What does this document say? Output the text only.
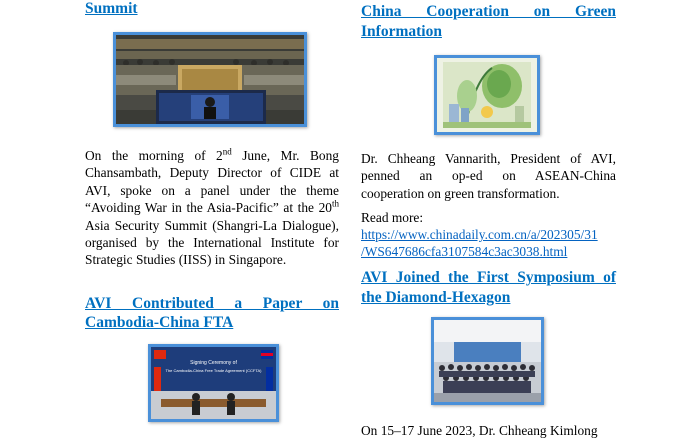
Summit

On the morning of 2nd June, Mr. Bong Chansambath, Deputy Director of CIDE at AVI, spoke on a panel under the theme “Avoiding War in the Asia-Pacific” at the 20th Asia Security Summit (Shangri-La Dialogue), organised by the International Institute for Strategic Studies (IISS) in Singapore.

AVI Contributed a Paper on
Cambodia-China FTA
Signing Ceremony of
The Cambodia-China Free Trade Agreement (CCFTA)
China Cooperation on Green
Information

Dr. Chheang Vannarith, President of AVI, penned an op-ed on ASEAN-China cooperation on green transformation.

Read more:

https://www.chinadaily.com.cn/a/202305/31
/WS647686cfa3107584c3ac3038.html
AVI Joined the First Symposium of
the Diamond-Hexagon

On 15–17 June 2023, Dr. Chheang Kimlong
